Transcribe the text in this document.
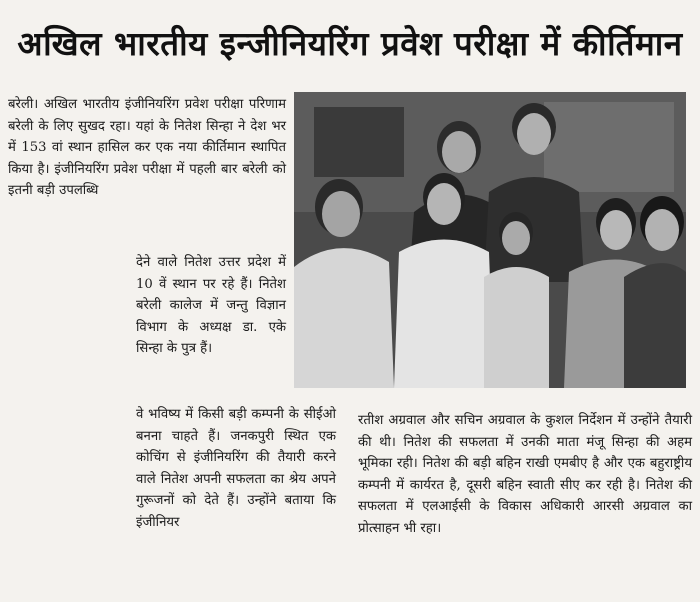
अखिल भारतीय इन्जीनियरिंग प्रवेश परीक्षा में कीर्तिमान
बरेली। अखिल भारतीय इंजीनियरिंग प्रवेश परीक्षा परिणाम बरेली के लिए सुखद रहा। यहां के नितेश सिन्हा ने देश भर में 153 वां स्थान हासिल कर एक नया कीर्तिमान स्थापित किया है। इंजीनियरिंग प्रवेश परीक्षा में पहली बार बरेली को इतनी बड़ी उपलब्धि
देने वाले नितेश उत्तर प्रदेश में 10 वें स्थान पर रहे हैं। नितेश बरेली कालेज में जन्तु विज्ञान विभाग के अध्यक्ष डा. एके सिन्हा के पुत्र हैं।
वे भविष्य में किसी बड़ी कम्पनी के सीईओ बनना चाहते हैं। जनकपुरी स्थित एक कोचिंग से इंजीनियरिंग की तैयारी करने वाले नितेश अपनी सफलता का श्रेय अपने गुरूजनों को देते हैं। उन्होंने बताया कि इंजीनियर
रतीश अग्रवाल और सचिन अग्रवाल के कुशल निर्देशन में उन्होंने तैयारी की थी। नितेश की सफलता में उनकी माता मंजू सिन्हा की अहम भूमिका रही। नितेश की बड़ी बहिन राखी एमबीए है और एक बहुराष्ट्रीय कम्पनी में कार्यरत है, दूसरी बहिन स्वाती सीए कर रही है। नितेश की सफलता में एलआईसी के विकास अधिकारी आरसी अग्रवाल का प्रोत्साहन भी रहा।
